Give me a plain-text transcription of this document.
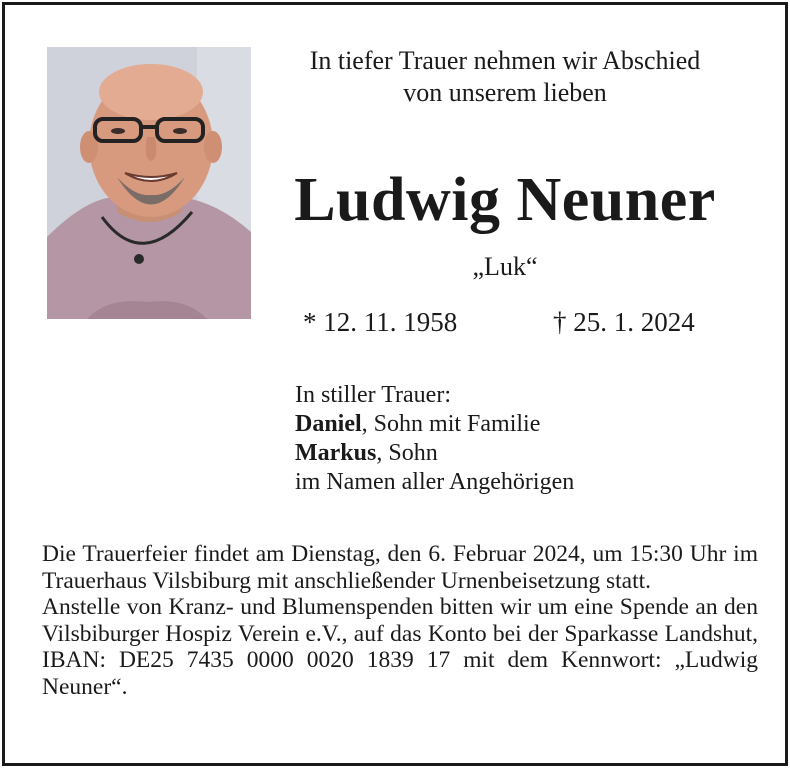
In tiefer Trauer nehmen wir Abschied
von unserem lieben
Ludwig Neuner
„Luk“
* 12. 11. 1958	† 25. 1. 2024
In stiller Trauer:
Daniel, Sohn mit Familie
Markus, Sohn
im Namen aller Angehörigen

Die Trauerfeier findet am Dienstag, den 6. Februar 2024, um 15:30 Uhr im Trauerhaus Vilsbiburg mit anschließender Urnenbeisetzung statt.

Anstelle von Kranz- und Blumenspenden bitten wir um eine Spende an den Vilsbiburger Hospiz Verein e.V., auf das Konto bei der Sparkasse Landshut, IBAN: DE25 7435 0000 0020 1839 17 mit dem Kennwort: „Ludwig Neuner“.
